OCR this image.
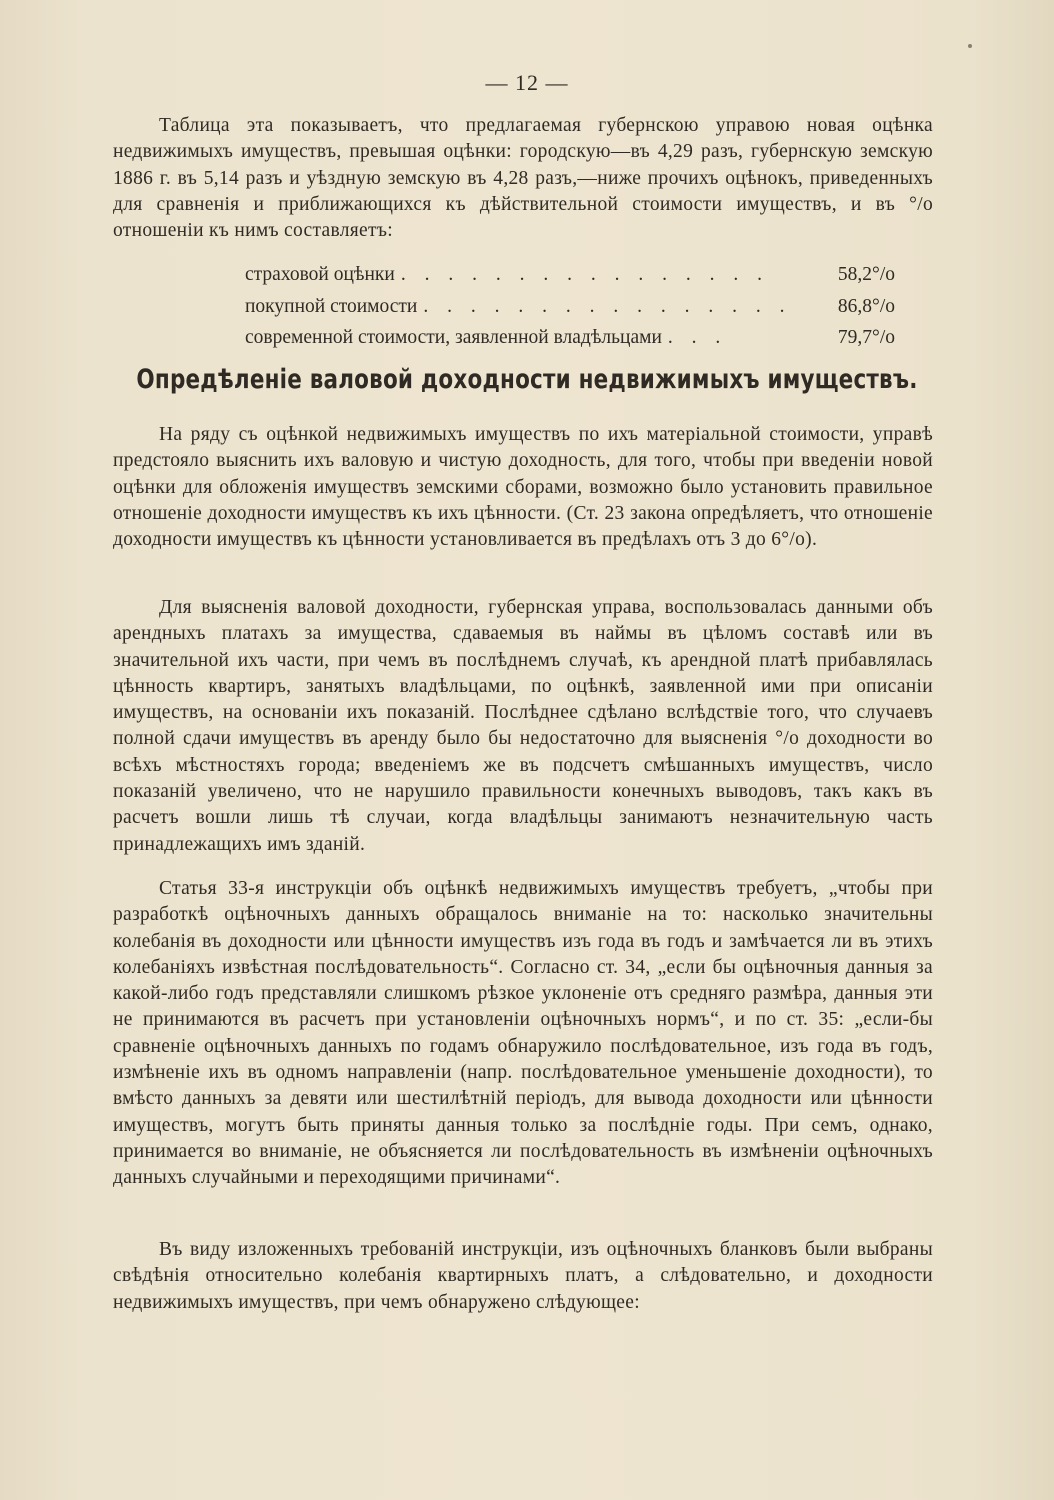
— 12 —

Таблица эта показываетъ, что предлагаемая губернскою управою новая оцѣнка недвижимыхъ имуществъ, превышая оцѣнки: городскую—въ 4,29 разъ, губернскую земскую 1886 г. въ 5,14 разъ и уѣздную земскую въ 4,28 разъ,—ниже прочихъ оцѣнокъ, приведенныхъ для сравненія и приближающихся къ дѣйствительной стоимости имуществъ, и въ °/о отношеніи къ нимъ составляетъ:

страховой оцѣнки . . . . . . . . . . . . . . . .	58,2°/о
покупной стоимости . . . . . . . . . . . . . . . .	86,8°/о
современной стоимости, заявленной владѣльцами . . .	79,7°/о
Опредѣленіе валовой доходности недвижимыхъ имуществъ.

На ряду съ оцѣнкой недвижимыхъ имуществъ по ихъ матеріальной стоимости, управѣ предстояло выяснить ихъ валовую и чистую доходность, для того, чтобы при введеніи новой оцѣнки для обложенія имуществъ земскими сборами, возможно было установить правильное отношеніе доходности имуществъ къ ихъ цѣнности. (Ст. 23 закона опредѣляетъ, что отношеніе доходности имуществъ къ цѣнности установливается въ предѣлахъ отъ 3 до 6°/о).

Для выясненія валовой доходности, губернская управа, воспользовалась данными объ арендныхъ платахъ за имущества, сдаваемыя въ наймы въ цѣломъ составѣ или въ значительной ихъ части, при чемъ въ послѣднемъ случаѣ, къ арендной платѣ прибавлялась цѣнность квартиръ, занятыхъ владѣльцами, по оцѣнкѣ, заявленной ими при описаніи имуществъ, на основаніи ихъ показаній. Послѣднее сдѣлано вслѣдствіе того, что случаевъ полной сдачи имуществъ въ аренду было бы недостаточно для выясненія °/о доходности во всѣхъ мѣстностяхъ города; введеніемъ же въ подсчетъ смѣшанныхъ имуществъ, число показаній увеличено, что не нарушило правильности конечныхъ выводовъ, такъ какъ въ расчетъ вошли лишь тѣ случаи, когда владѣльцы занимаютъ незначительную часть принадлежащихъ имъ зданій.

Статья 33-я инструкціи объ оцѣнкѣ недвижимыхъ имуществъ требуетъ, „чтобы при разработкѣ оцѣночныхъ данныхъ обращалось вниманіе на то: насколько значительны колебанія въ доходности или цѣнности имуществъ изъ года въ годъ и замѣчается ли въ этихъ колебаніяхъ извѣстная послѣдовательность“. Согласно ст. 34, „если бы оцѣночныя данныя за какой-либо годъ представляли слишкомъ рѣзкое уклоненіе отъ средняго размѣра, данныя эти не принимаются въ расчетъ при установленіи оцѣночныхъ нормъ“, и по ст. 35: „если-бы сравненіе оцѣночныхъ данныхъ по годамъ обнаружило послѣдовательное, изъ года въ годъ, измѣненіе ихъ въ одномъ направленіи (напр. послѣдовательное уменьшеніе доходности), то вмѣсто данныхъ за девяти или шестилѣтній періодъ, для вывода доходности или цѣнности имуществъ, могутъ быть приняты данныя только за послѣдніе годы. При семъ, однако, принимается во вниманіе, не объясняется ли послѣдовательность въ измѣненіи оцѣночныхъ данныхъ случайными и переходящими причинами“.

Въ виду изложенныхъ требованій инструкціи, изъ оцѣночныхъ бланковъ были выбраны свѣдѣнія относительно колебанія квартирныхъ платъ, а слѣдовательно, и доходности недвижимыхъ имуществъ, при чемъ обнаружено слѣдующее:
